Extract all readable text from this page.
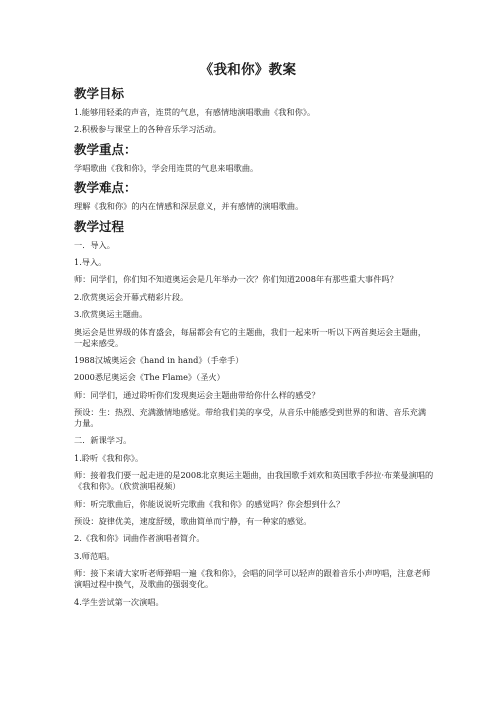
《我和你》教案
教学目标
1.能够用轻柔的声音，连贯的气息，有感情地演唱歌曲《我和你》。
2.积极参与课堂上的各种音乐学习活动。
教学重点：
学唱歌曲《我和你》，学会用连贯的气息来唱歌曲。
教学难点：
理解《我和你》的内在情感和深层意义，并有感情的演唱歌曲。
教学过程
一．导入。
1.导入。
师：同学们，你们知不知道奥运会是几年举办一次？你们知道2008年有那些重大事件吗？
2.欣赏奥运会开幕式精彩片段。
3.欣赏奥运主题曲。
奥运会是世界级的体育盛会，每届都会有它的主题曲，我们一起来听一听以下两首奥运会主题曲，一起来感受。
1988汉城奥运会《hand in hand》（手牵手）
2000悉尼奥运会《The Flame》（圣火）
师：同学们，通过聆听你们发现奥运会主题曲带给你什么样的感受？
预设：生：热烈、充满激情地感觉。带给我们美的享受，从音乐中能感受到世界的和谐、音乐充满力量。
二．新课学习。
1.聆听《我和你》。
师：接着我们要一起走进的是2008北京奥运主题曲，由我国歌手刘欢和英国歌手莎拉·布莱曼演唱的《我和你》。（欣赏演唱视频）
师：听完歌曲后，你能说说听完歌曲《我和你》的感觉吗？你会想到什么？
预设：旋律优美，速度舒缓，歌曲简单而宁静，有一种家的感觉。
2.《我和你》词曲作者演唱者简介。
3.师范唱。
师：接下来请大家听老师弹唱一遍《我和你》，会唱的同学可以轻声的跟着音乐小声哼唱，注意老师演唱过程中换气，及歌曲的强弱变化。
4.学生尝试第一次演唱。
